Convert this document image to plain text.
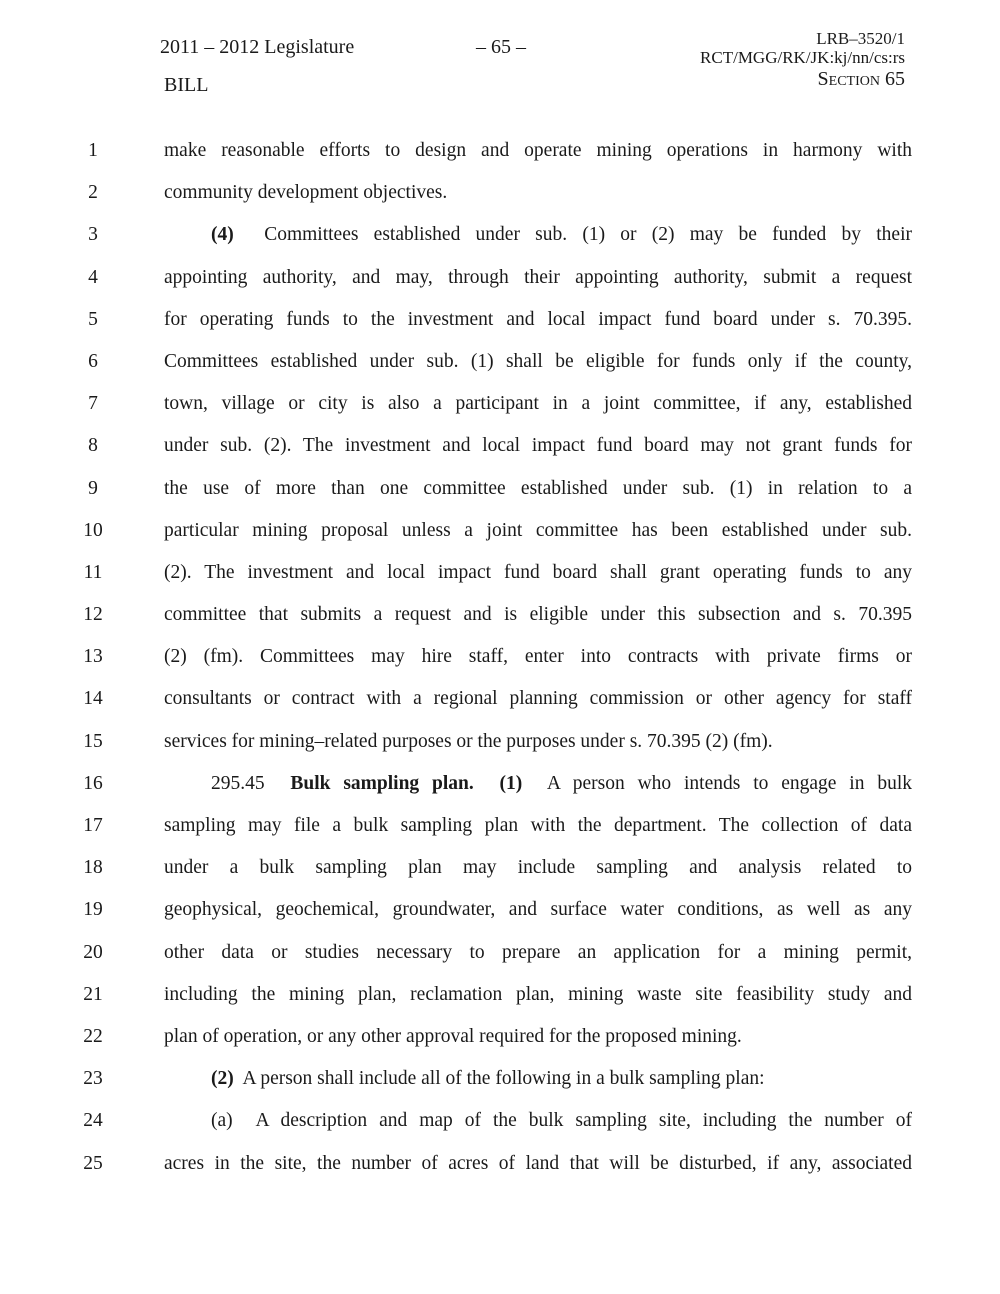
2011 – 2012 Legislature	– 65 –
BILL
LRB–3520/1
RCT/MGG/RK/JK:kj/nn/cs:rs
Section 65
1	make reasonable efforts to design and operate mining operations in harmony with
2	community development objectives.
3	(4) Committees established under sub. (1) or (2) may be funded by their
4	appointing authority, and may, through their appointing authority, submit a request
5	for operating funds to the investment and local impact fund board under s. 70.395.
6	Committees established under sub. (1) shall be eligible for funds only if the county,
7	town, village or city is also a participant in a joint committee, if any, established
8	under sub. (2). The investment and local impact fund board may not grant funds for
9	the use of more than one committee established under sub. (1) in relation to a
10	particular mining proposal unless a joint committee has been established under sub.
11	(2). The investment and local impact fund board shall grant operating funds to any
12	committee that submits a request and is eligible under this subsection and s. 70.395
13	(2) (fm). Committees may hire staff, enter into contracts with private firms or
14	consultants or contract with a regional planning commission or other agency for staff
15	services for mining–related purposes or the purposes under s. 70.395 (2) (fm).
16	295.45 Bulk sampling plan. (1) A person who intends to engage in bulk
17	sampling may file a bulk sampling plan with the department. The collection of data
18	under a bulk sampling plan may include sampling and analysis related to
19	geophysical, geochemical, groundwater, and surface water conditions, as well as any
20	other data or studies necessary to prepare an application for a mining permit,
21	including the mining plan, reclamation plan, mining waste site feasibility study and
22	plan of operation, or any other approval required for the proposed mining.
23	(2) A person shall include all of the following in a bulk sampling plan:
24	(a) A description and map of the bulk sampling site, including the number of
25	acres in the site, the number of acres of land that will be disturbed, if any, associated
